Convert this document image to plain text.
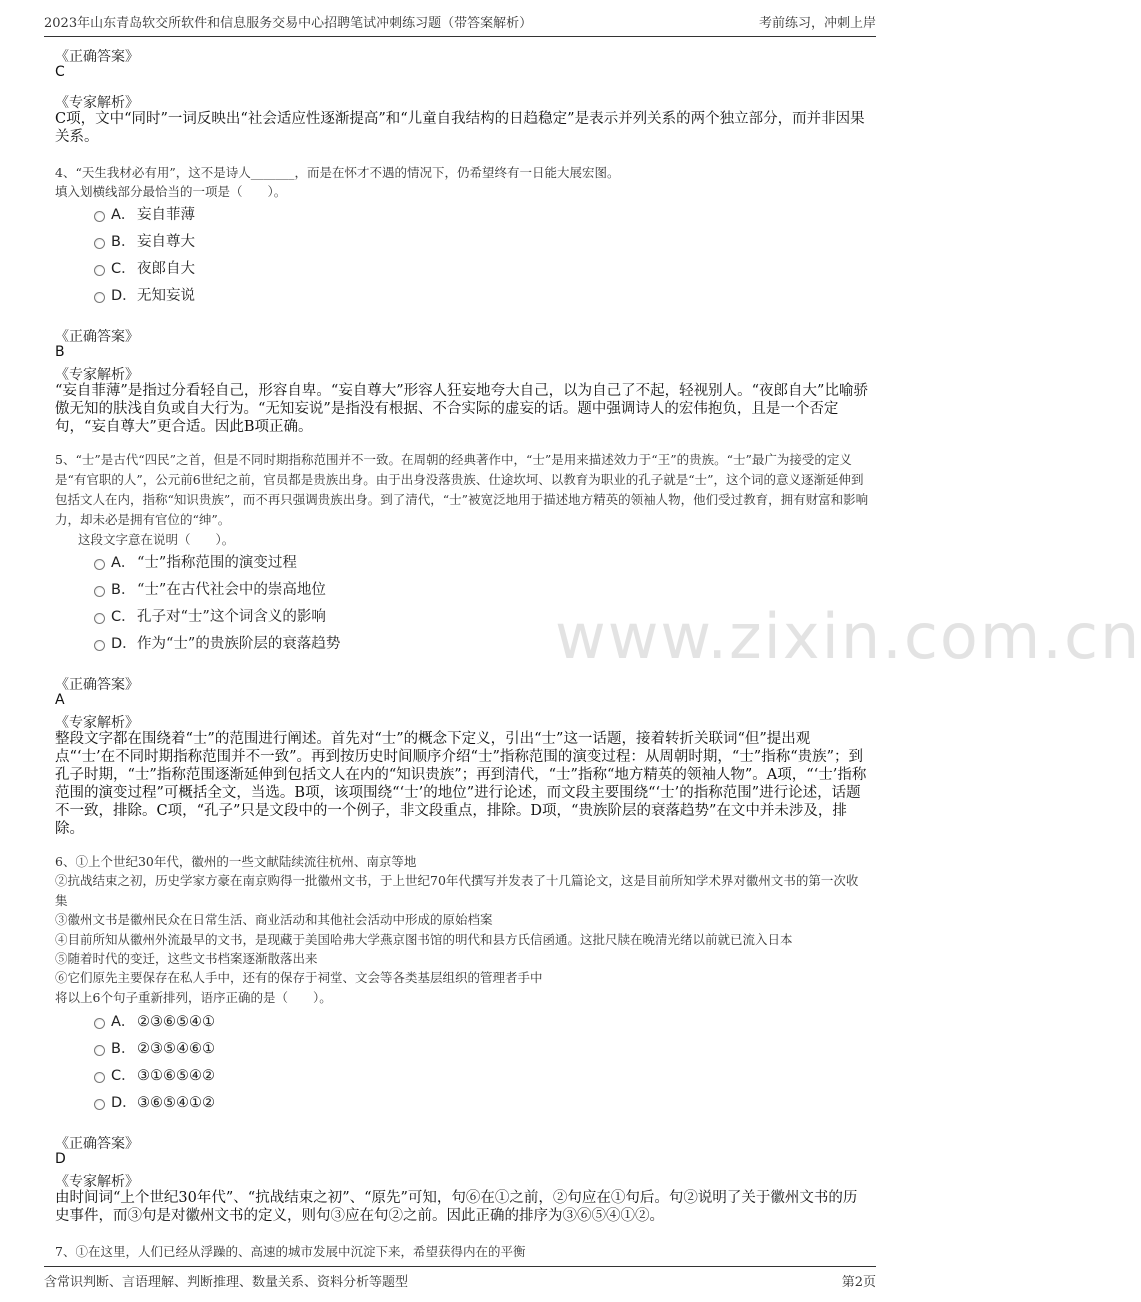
2023年山东青岛软交所软件和信息服务交易中心招聘笔试冲刺练习题（带答案解析）	考前练习，冲刺上岸
www.zixin.com.cn
《正确答案》
C
《专家解析》
C项，文中“同时”一词反映出“社会适应性逐渐提高”和“儿童自我结构的日趋稳定”是表示并列关系的两个独立部分，而并非因果关系。
4、“天生我材必有用”，这不是诗人_______，而是在怀才不遇的情况下，仍希望终有一日能大展宏图。
填入划横线部分最恰当的一项是（　　）。
A． 妄自菲薄
B． 妄自尊大
C．夜郎自大
D．无知妄说
《正确答案》
B
《专家解析》
“妄自菲薄”是指过分看轻自己，形容自卑。“妄自尊大”形容人狂妄地夸大自己，以为自己了不起，轻视别人。“夜郎自大”比喻骄傲无知的肤浅自负或自大行为。“无知妄说”是指没有根据、不合实际的虚妄的话。题中强调诗人的宏伟抱负，且是一个否定句，“妄自尊大”更合适。因此B项正确。
5、“士”是古代“四民”之首，但是不同时期指称范围并不一致。在周朝的经典著作中，“士”是用来描述效力于“王”的贵族。“士”最广为接受的定义是“有官职的人”，公元前6世纪之前，官员都是贵族出身。由于出身没落贵族、仕途坎坷、以教育为职业的孔子就是“士”，这个词的意义逐渐延伸到包括文人在内，指称“知识贵族”，而不再只强调贵族出身。到了清代，“士”被宽泛地用于描述地方精英的领袖人物，他们受过教育，拥有财富和影响力，却未必是拥有官位的“绅”。
这段文字意在说明（　　）。
A． “士”指称范围的演变过程
B． “士”在古代社会中的崇高地位
C．孔子对“士”这个词含义的影响
D．作为“士”的贵族阶层的衰落趋势
《正确答案》
A
《专家解析》
整段文字都在围绕着“士”的范围进行阐述。首先对“士”的概念下定义，引出“士”这一话题，接着转折关联词“但”提出观点“‘士’在不同时期指称范围并不一致”。再到按历史时间顺序介绍“士”指称范围的演变过程：从周朝时期，“士”指称“贵族”；到孔子时期，“士”指称范围逐渐延伸到包括文人在内的“知识贵族”；再到清代，“士”指称“地方精英的领袖人物”。A项，“‘士’指称范围的演变过程”可概括全文，当选。B项，该项围绕“‘士’的地位”进行论述，而文段主要围绕“‘士’的指称范围”进行论述，话题不一致，排除。C项，“孔子”只是文段中的一个例子，非文段重点，排除。D项，“贵族阶层的衰落趋势”在文中并未涉及，排除。
6、①上个世纪30年代，徽州的一些文献陆续流往杭州、南京等地
②抗战结束之初，历史学家方豪在南京购得一批徽州文书，于上世纪70年代撰写并发表了十几篇论文，这是目前所知学术界对徽州文书的第一次收集
③徽州文书是徽州民众在日常生活、商业活动和其他社会活动中形成的原始档案
④目前所知从徽州外流最早的文书，是现藏于美国哈弗大学燕京图书馆的明代和县方氏信函通。这批尺牍在晚清光绪以前就已流入日本
⑤随着时代的变迁，这些文书档案逐渐散落出来
⑥它们原先主要保存在私人手中，还有的保存于祠堂、文会等各类基层组织的管理者手中
将以上6个句子重新排列，语序正确的是（　　）。
A． ②③⑥⑤④①
B． ②③⑤④⑥①
C．③①⑥⑤④②
D．③⑥⑤④①②
《正确答案》
D
《专家解析》
由时间词“上个世纪30年代”、“抗战结束之初”、“原先”可知，句⑥在①之前，②句应在①句后。句②说明了关于徽州文书的历史事件，而③句是对徽州文书的定义，则句③应在句②之前。因此正确的排序为③⑥⑤④①②。
7、①在这里，人们已经从浮躁的、高速的城市发展中沉淀下来，希望获得内在的平衡
含常识判断、言语理解、判断推理、数量关系、资料分析等题型	第2页
